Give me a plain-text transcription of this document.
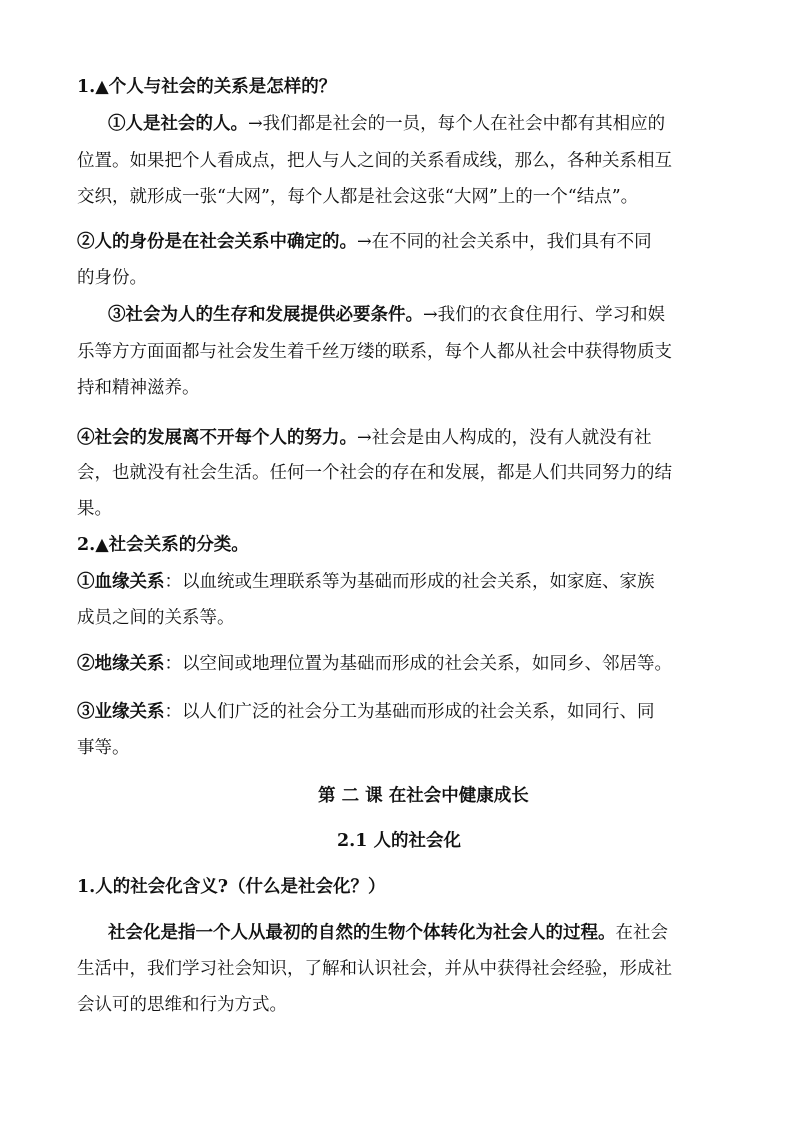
1.▲个人与社会的关系是怎样的？
①人是社会的人。→我们都是社会的一员，每个人在社会中都有其相应的
位置。如果把个人看成点，把人与人之间的关系看成线，那么，各种关系相互
交织，就形成一张“大网”，每个人都是社会这张“大网”上的一个“结点”。
②人的身份是在社会关系中确定的。→在不同的社会关系中，我们具有不同
的身份。
③社会为人的生存和发展提供必要条件。→我们的衣食住用行、学习和娱
乐等方方面面都与社会发生着千丝万缕的联系，每个人都从社会中获得物质支
持和精神滋养。
④社会的发展离不开每个人的努力。→社会是由人构成的，没有人就没有社
会，也就没有社会生活。任何一个社会的存在和发展，都是人们共同努力的结
果。
2.▲社会关系的分类。
①血缘关系：以血统或生理联系等为基础而形成的社会关系，如家庭、家族
成员之间的关系等。
②地缘关系：以空间或地理位置为基础而形成的社会关系，如同乡、邻居等。
③业缘关系：以人们广泛的社会分工为基础而形成的社会关系，如同行、同
事等。
第 二 课 在社会中健康成长
2.1 人的社会化
1.人的社会化含义?（什么是社会化？）
社会化是指一个人从最初的自然的生物个体转化为社会人的过程。在社会
生活中，我们学习社会知识，了解和认识社会，并从中获得社会经验，形成社
会认可的思维和行为方式。
